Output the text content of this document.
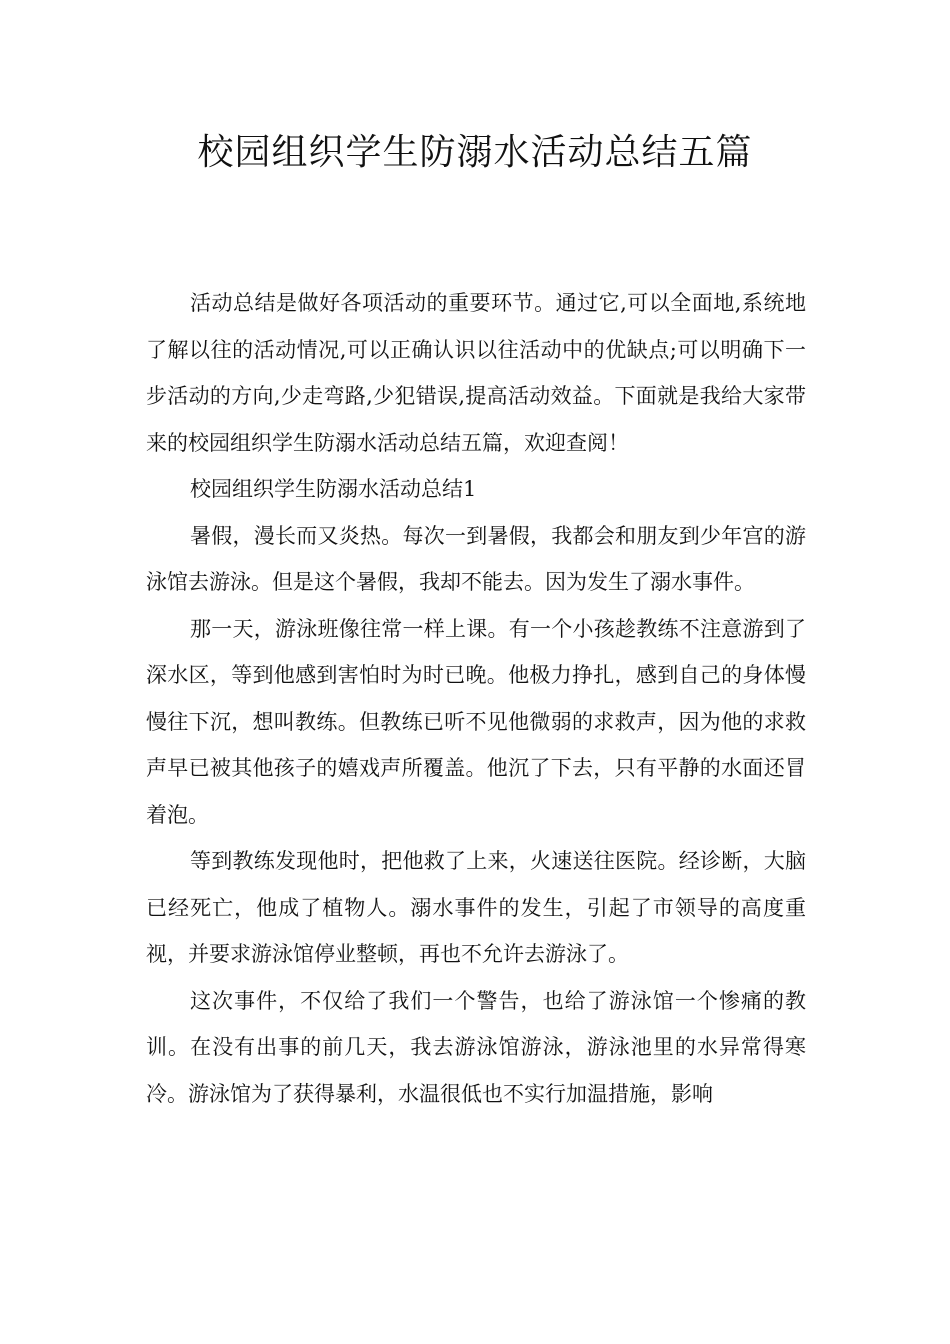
校园组织学生防溺水活动总结五篇

活动总结是做好各项活动的重要环节。通过它,可以全面地,系统地了解以往的活动情况,可以正确认识以往活动中的优缺点;可以明确下一步活动的方向,少走弯路,少犯错误,提高活动效益。下面就是我给大家带来的校园组织学生防溺水活动总结五篇，欢迎查阅！

校园组织学生防溺水活动总结1

暑假，漫长而又炎热。每次一到暑假，我都会和朋友到少年宫的游泳馆去游泳。但是这个暑假，我却不能去。因为发生了溺水事件。

那一天，游泳班像往常一样上课。有一个小孩趁教练不注意游到了深水区，等到他感到害怕时为时已晚。他极力挣扎，感到自己的身体慢慢往下沉，想叫教练。但教练已听不见他微弱的求救声，因为他的求救声早已被其他孩子的嬉戏声所覆盖。他沉了下去，只有平静的水面还冒着泡。

等到教练发现他时，把他救了上来，火速送往医院。经诊断，大脑已经死亡，他成了植物人。溺水事件的发生，引起了市领导的高度重视，并要求游泳馆停业整顿，再也不允许去游泳了。

这次事件，不仅给了我们一个警告，也给了游泳馆一个惨痛的教训。在没有出事的前几天，我去游泳馆游泳，游泳池里的水异常得寒冷。游泳馆为了获得暴利，水温很低也不实行加温措施，影响
